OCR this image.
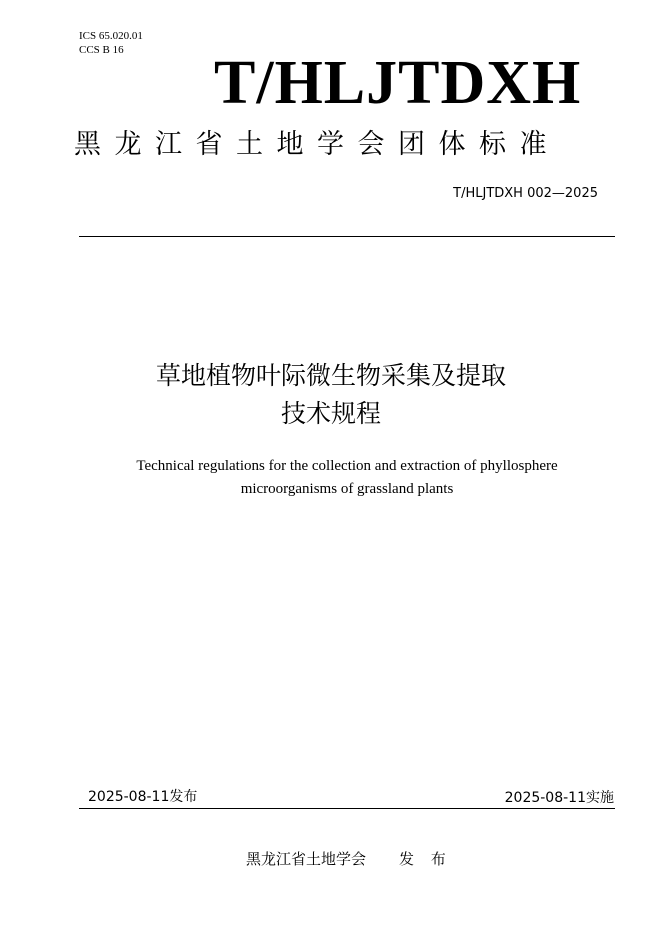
ICS 65.020.01
CCS B 16 T/HLJTDXH
黑龙江省土地学会团体标准
T/HLJTDXH 002—2025
草地植物叶际微生物采集及提取
技术规程
Technical regulations for the collection and extraction of phyllosphere
microorganisms of grassland plants
2025-08-11发布	2025-08-11实施
黑龙江省土地学会 发 布
